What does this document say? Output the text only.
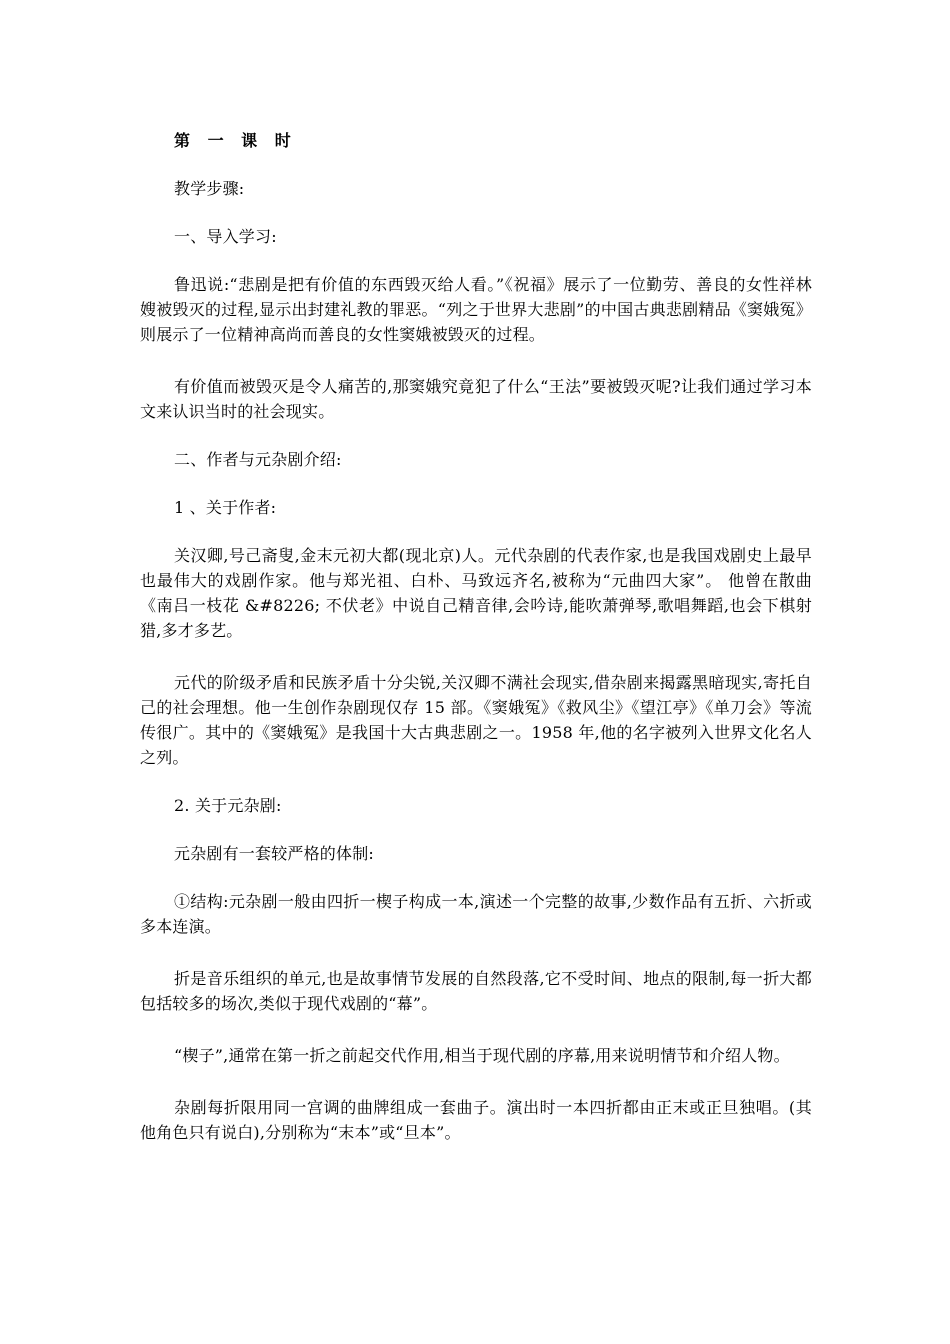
第 一 课 时

教学步骤:

一、导入学习:

鲁迅说:“悲剧是把有价值的东西毁灭给人看。”《祝福》展示了一位勤劳、善良的女性祥林嫂被毁灭的过程,显示出封建礼教的罪恶。“列之于世界大悲剧”的中国古典悲剧精品《窦娥冤》则展示了一位精神高尚而善良的女性窦娥被毁灭的过程。

有价值而被毁灭是令人痛苦的,那窦娥究竟犯了什么“王法”要被毁灭呢?让我们通过学习本文来认识当时的社会现实。

二、作者与元杂剧介绍:

1 、关于作者:

关汉卿,号己斋叟,金末元初大都(现北京)人。元代杂剧的代表作家,也是我国戏剧史上最早也最伟大的戏剧作家。他与郑光祖、白朴、马致远齐名,被称为“元曲四大家”。 他曾在散曲《南吕一枝花 &#8226; 不伏老》中说自己精音律,会吟诗,能吹萧弹琴,歌唱舞蹈,也会下棋射猎,多才多艺。

元代的阶级矛盾和民族矛盾十分尖锐,关汉卿不满社会现实,借杂剧来揭露黑暗现实,寄托自己的社会理想。他一生创作杂剧现仅存 15 部。《窦娥冤》《救风尘》《望江亭》《单刀会》等流传很广。其中的《窦娥冤》是我国十大古典悲剧之一。1958 年,他的名字被列入世界文化名人之列。

2. 关于元杂剧:

元杂剧有一套较严格的体制:

①结构:元杂剧一般由四折一楔子构成一本,演述一个完整的故事,少数作品有五折、六折或多本连演。

折是音乐组织的单元,也是故事情节发展的自然段落,它不受时间、地点的限制,每一折大都包括较多的场次,类似于现代戏剧的“幕”。

“楔子”,通常在第一折之前起交代作用,相当于现代剧的序幕,用来说明情节和介绍人物。

杂剧每折限用同一宫调的曲牌组成一套曲子。演出时一本四折都由正末或正旦独唱。(其他角色只有说白),分别称为“末本”或“旦本”。
